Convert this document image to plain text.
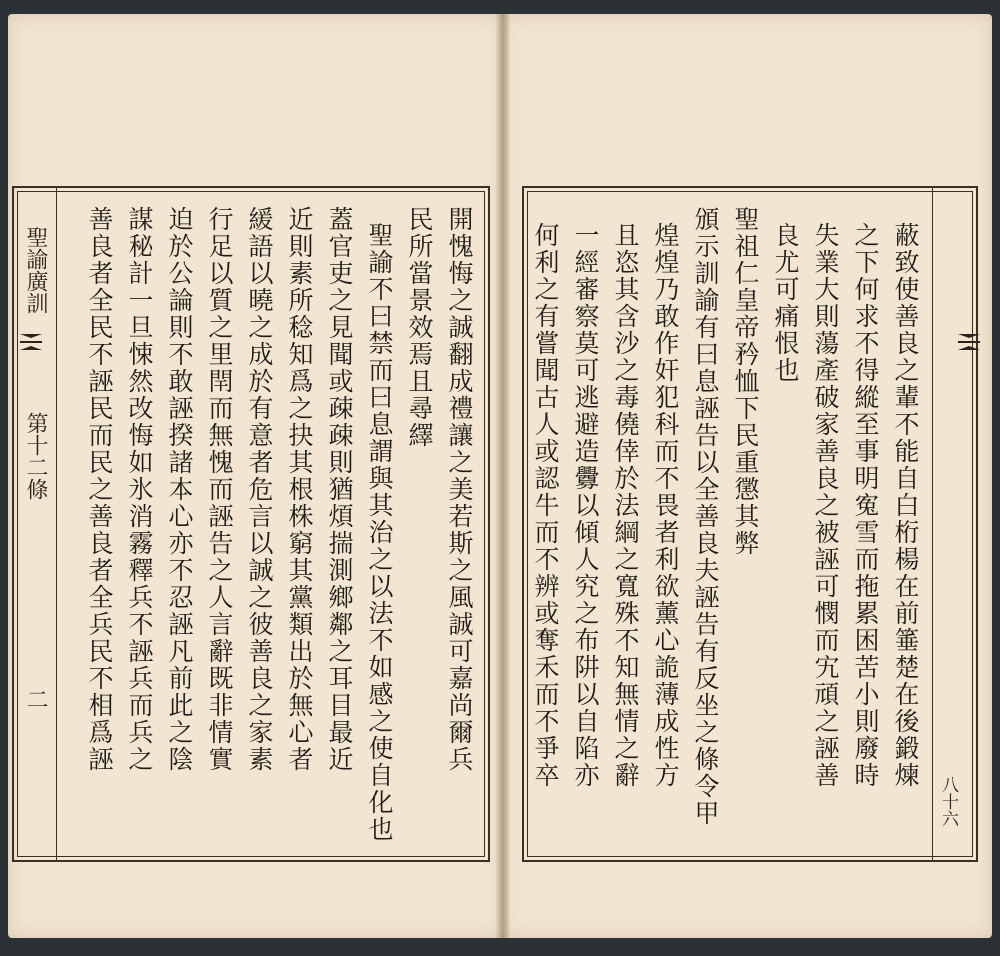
聖諭廣訓
第十二條
二	開愧悔之誠翻成禮讓之美若斯之風誠可嘉尚爾兵
民所當景效焉且尋繹
聖諭不曰禁而曰息謂與其治之以法不如感之使自化也
蓋官吏之見聞或疎疎則猶煩揣測鄉鄰之耳目最近
近則素所稔知爲之抉其根株窮其黨類出於無心者
緩語以曉之成於有意者危言以誠之彼善良之家素
行足以質之里閈而無愧而誣告之人言辭既非情實
迫於公論則不敢誣揆諸本心亦不忍誣凡前此之陰
謀秘計一旦悚然改悔如氷消霧釋兵不誣兵而兵之
善良者全民不誣民而民之善良者全兵民不相爲誣
八十六
蔽致使善良之輩不能自白桁楊在前箠楚在後鍛煉
之下何求不得縱至事明寃雪而拖累困苦小則廢時
失業大則蕩產破家善良之被誣可憫而宄頑之誣善
良尤可痛恨也
聖祖仁皇帝矜恤下民重懲其弊
頒示訓諭有曰息誣告以全善良夫誣告有反坐之條令甲
煌煌乃敢作奸犯科而不畏者利欲薰心詭薄成性方
且恣其含沙之毒僥倖於法綱之寬殊不知無情之辭
一經審察莫可逃避造釁以傾人究之布阱以自陷亦
何利之有嘗聞古人或認牛而不辨或奪禾而不爭卒
